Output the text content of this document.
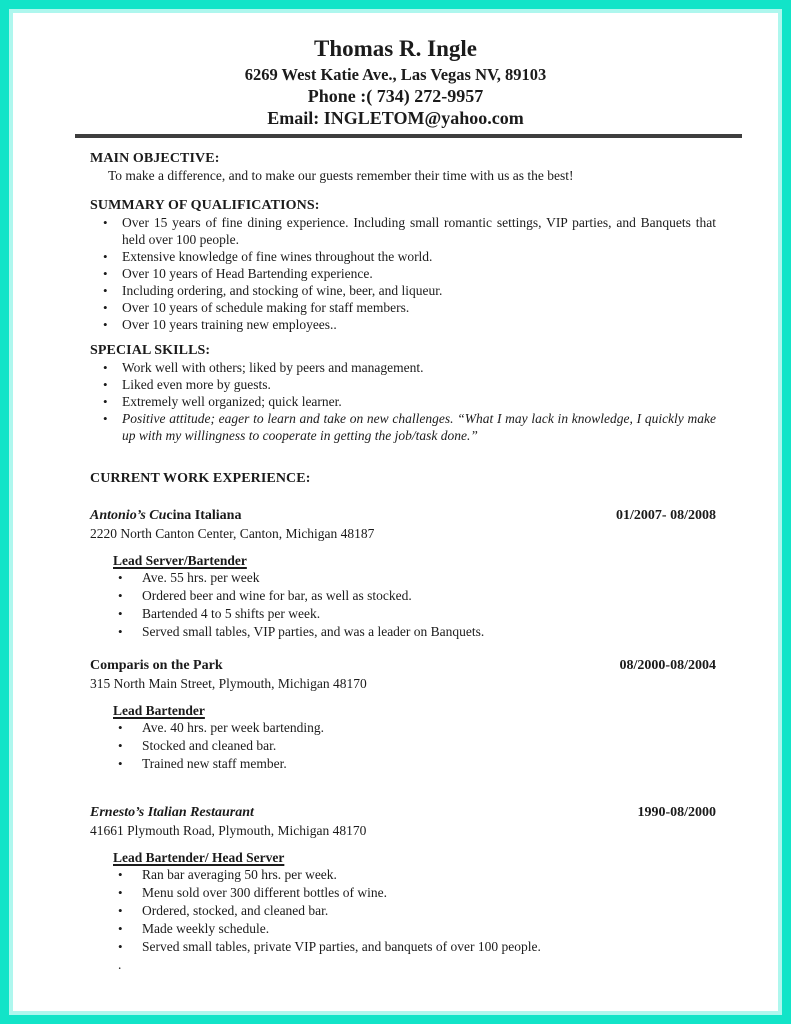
Thomas R. Ingle
6269 West Katie Ave., Las Vegas NV, 89103
Phone :( 734) 272-9957
Email: INGLETOM@yahoo.com
MAIN OBJECTIVE:

To make a difference, and to make our guests remember their time with us as the best!

SUMMARY OF QUALIFICATIONS:
•	Over 15 years of fine dining experience. Including small romantic settings, VIP parties, and Banquets that held over 100 people.
•	Extensive knowledge of fine wines throughout the world.
•	Over 10 years of Head Bartending experience.
•	Including ordering, and stocking of wine, beer, and liqueur.
•	Over 10 years of schedule making for staff members.
•	Over 10 years training new employees..
SPECIAL SKILLS:
•	Work well with others; liked by peers and management.
•	Liked even more by guests.
•	Extremely well organized; quick learner.
•	Positive attitude; eager to learn and take on new challenges. “What I may lack in knowledge, I quickly make up with my willingness to cooperate in getting the job/task done.”
CURRENT WORK EXPERIENCE:
Antonio’s Cucina Italiana	01/2007- 08/2008
2220 North Canton Center, Canton, Michigan 48187
Lead Server/Bartender
•	Ave. 55 hrs. per week
•	Ordered beer and wine for bar, as well as stocked.
•	Bartended 4 to 5 shifts per week.
•	Served small tables, VIP parties, and was a leader on Banquets.
Comparis on the Park	08/2000-08/2004
315 North Main Street, Plymouth, Michigan 48170
Lead Bartender
•	Ave. 40 hrs. per week bartending.
•	Stocked and cleaned bar.
•	Trained new staff member.
Ernesto’s Italian Restaurant	1990-08/2000
41661 Plymouth Road, Plymouth, Michigan 48170
Lead Bartender/ Head Server
•	Ran bar averaging 50 hrs. per week.
•	Menu sold over 300 different bottles of wine.
•	Ordered, stocked, and cleaned bar.
•	Made weekly schedule.
•	Served small tables, private VIP parties, and banquets of over 100 people.
.
